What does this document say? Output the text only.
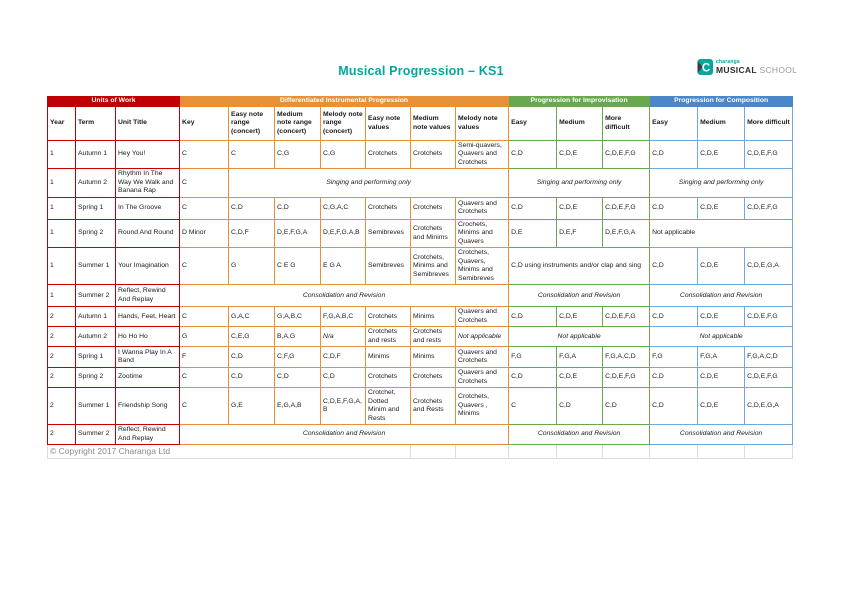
Musical Progression – KS1	C
charanga
MUSICAL SCHOOL
Units of Work			Differentiated Instrumental Progression							Progression for Improvisation			Progression for Composition		
Year	Term	Unit Title	Key	Easy note range (concert)	Medium note range (concert)	Melody note range (concert)	Easy note values	Medium note values	Melody note values	Easy	Medium	More difficult	Easy	Medium	More difficult
1	Autumn 1	Hey You!	C	C	C,G	C,G	Crotchets	Crotchets	Semi-quavers, Quavers and Crotchets	C,D	C,D,E	C,D,E,F,G	C,D	C,D,E	C,D,E,F,G
1	Autumn 2	Rhythm In The Way We Walk and Banana Rap	C	Singing and performing only						Singing and performing only			Singing and performing only		
1	Spring 1	In The Groove	C	C,D	C,D	C,G,A,C	Crotchets	Crotchets	Quavers and Crotchets	C,D	C,D,E	C,D,E,F,G	C,D	C,D,E	C,D,E,F,G
1	Spring 2	Round And Round	D Minor	C,D,F	D,E,F,G,A	D,E,F,G,A,B	Semibreves	Crotchets and Minims	Crochets, Minims and Quavers	D,E	D,E,F	D,E,F,G,A	Not applicable		
1	Summer 1	Your Imagination	C	G	C E G	E G A	Semibreves	Crotchets, Minims and Semibreves	Crotchets, Quavers, Minims and Semibreves	C,D using instruments and/or clap and sing			C,D	C,D,E	C,D,E,G,A
1	Summer 2	Reflect, Rewind And Replay	Consolidation and Revision							Consolidation and Revision			Consolidation and Revision		
2	Autumn 1	Hands, Feet, Heart	C	G,A,C	G,A,B,C	F,G,A,B,C	Crotchets	Minims	Quavers and Crotchets	C,D	C,D,E	C,D,E,F,G	C,D	C,D,E	C,D,E,F,G
2	Autumn 2	Ho Ho Ho	G	C,E,G	B,A,G	N/a	Crotchets and rests	Crotchets and rests	Not applicable	Not applicable			Not applicable		
2	Spring 1	I Wanna Play In A Band	F	C,D	C,F,G	C,D,F	Minims	Minims	Quavers and Crotchets	F,G	F,G,A	F,G,A,C,D	F,G	F,G,A	F,G,A,C,D
2	Spring 2	Zootime	C	C,D	C,D	C,D	Crotchets	Crotchets	Quavers and Crotchets	C,D	C,D,E	C,D,E,F,G	C,D	C,D,E	C,D,E,F,G
2	Summer 1	Friendship Song	C	G,E	E,G,A,B	C,D,E,F,G,A,B	Crotchet, Dotted Minim and Rests	Crotchets and Rests	Crotchets, Quavers , Minims	C	C,D	C,D	C,D	C,D,E	C,D,E,G,A
2	Summer 2	Reflect, Rewind And Replay	Consolidation and Revision							Consolidation and Revision			Consolidation and Revision		
© Copyright 2017 Charanga Ltd															
